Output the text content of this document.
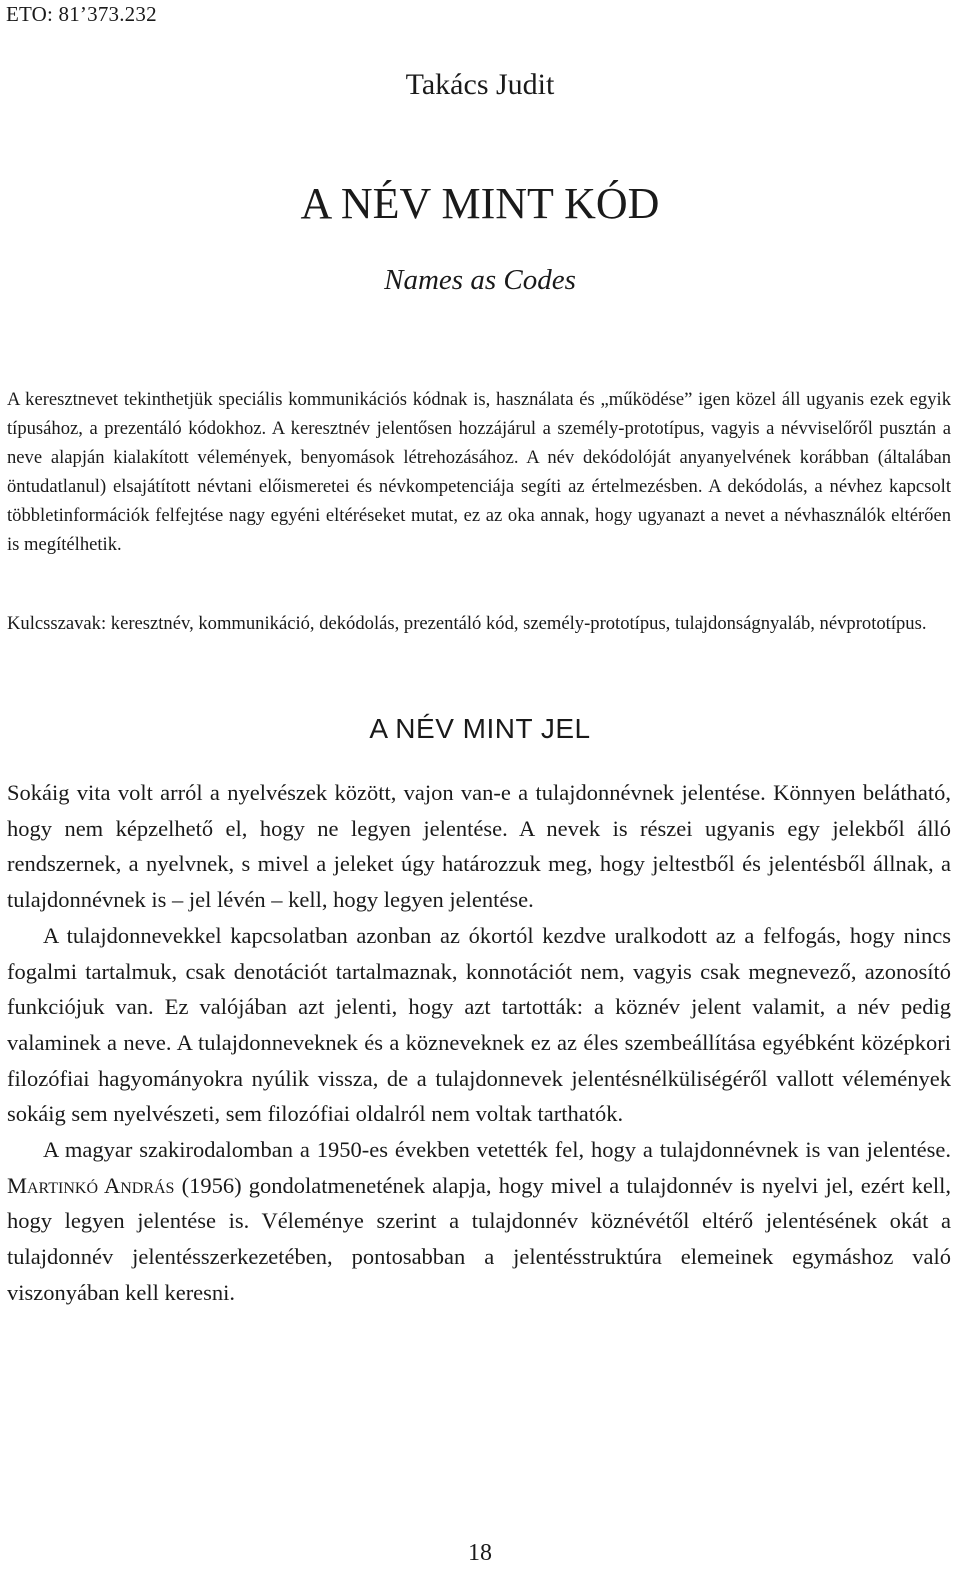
ETO: 81’373.232
Takács Judit
A NÉV MINT KÓD
Names as Codes

A keresztnevet tekinthetjük speciális kommunikációs kódnak is, használata és „működése” igen közel áll ugyanis ezek egyik típusához, a prezentáló kódokhoz. A keresztnév jelentősen hozzájárul a személy-prototípus, vagyis a névviselőről pusztán a neve alapján kialakított vélemények, benyomások létrehozásához. A név dekódolóját anyanyelvének korábban (általában öntudatlanul) elsajátított névtani előismeretei és névkompetenciája segíti az értelmezésben. A dekódolás, a névhez kapcsolt többletinformációk felfejtése nagy egyéni eltéréseket mutat, ez az oka annak, hogy ugyanazt a nevet a névhasználók eltérően is megítélhetik.

Kulcsszavak: keresztnév, kommunikáció, dekódolás, prezentáló kód, személy-prototípus, tulajdonságnyaláb, névprototípus.

A NÉV MINT JEL

Sokáig vita volt arról a nyelvészek között, vajon van-e a tulajdonnévnek jelentése. Könnyen belátható, hogy nem képzelhető el, hogy ne legyen jelentése. A nevek is részei ugyanis egy jelekből álló rendszernek, a nyelvnek, s mivel a jeleket úgy határozzuk meg, hogy jeltestből és jelentésből állnak, a tulajdonnévnek is – jel lévén – kell, hogy legyen jelentése.

A tulajdonnevekkel kapcsolatban azonban az ókortól kezdve uralkodott az a felfogás, hogy nincs fogalmi tartalmuk, csak denotációt tartalmaznak, konnotációt nem, vagyis csak megnevező, azonosító funkciójuk van. Ez valójában azt jelenti, hogy azt tartották: a köznév jelent valamit, a név pedig valaminek a neve. A tulajdonneveknek és a közneveknek ez az éles szembeállítása egyébként középkori filozófiai hagyományokra nyúlik vissza, de a tulajdonnevek jelentésnélküliségéről vallott vélemények sokáig sem nyelvészeti, sem filozófiai oldalról nem voltak tarthatók.

A magyar szakirodalomban a 1950-es években vetették fel, hogy a tulajdonnévnek is van jelentése. Martinkó András (1956) gondolatmenetének alapja, hogy mivel a tulajdonnév is nyelvi jel, ezért kell, hogy legyen jelentése is. Véleménye szerint a tulajdonnév köznévétől eltérő jelentésének okát a tulajdonnév jelentésszerkezetében, pontosabban a jelentésstruktúra elemeinek egymáshoz való viszonyában kell keresni.

18
